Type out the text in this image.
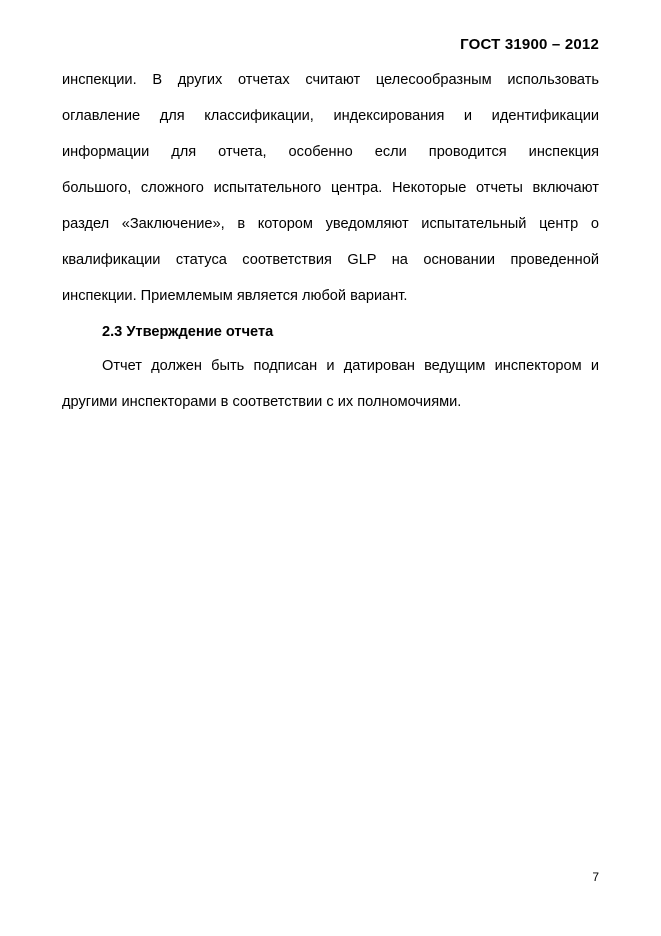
ГОСТ 31900 – 2012
инспекции. В других отчетах считают целесообразным использовать
оглавление для классификации, индексирования и идентификации
информации для отчета, особенно если проводится инспекция
большого, сложного испытательного центра. Некоторые отчеты включают
раздел «Заключение», в котором уведомляют испытательный центр о
квалификации статуса соответствия GLP на основании проведенной
инспекции. Приемлемым является любой вариант.
2.3 Утверждение отчета
Отчет должен быть подписан и датирован ведущим инспектором и
другими инспекторами в соответствии с их полномочиями.
7
